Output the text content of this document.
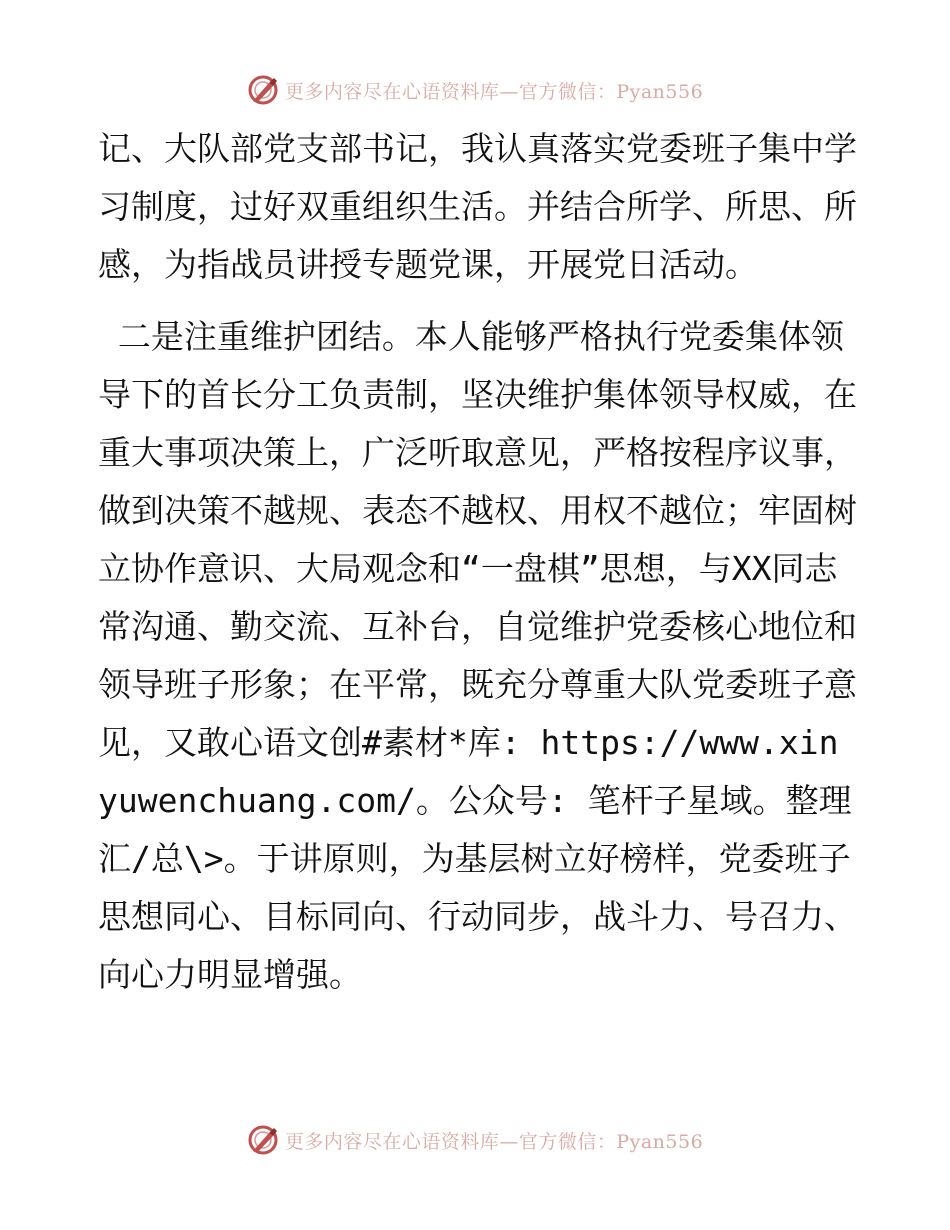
更多内容尽在心语资料库—官方微信：Pyan556

记、大队部党支部书记，我认真落实党委班子集中学习制度，过好双重组织生活。并结合所学、所思、所感，为指战员讲授专题党课，开展党日活动。

二是注重维护团结。本人能够严格执行党委集体领导下的首长分工负责制，坚决维护集体领导权威，在重大事项决策上，广泛听取意见，严格按程序议事，做到决策不越规、表态不越权、用权不越位；牢固树立协作意识、大局观念和“一盘棋”思想，与XX同志常沟通、勤交流、互补台，自觉维护党委核心地位和领导班子形象；在平常，既充分尊重大队党委班子意见，又敢心语文创#素材*库: https://www.xinyuwenchuang.com/。公众号: 笔杆子星域。整理汇/总\>。于讲原则，为基层树立好榜样，党委班子思想同心、目标同向、行动同步，战斗力、号召力、向心力明显增强。

更多内容尽在心语资料库—官方微信：Pyan556
